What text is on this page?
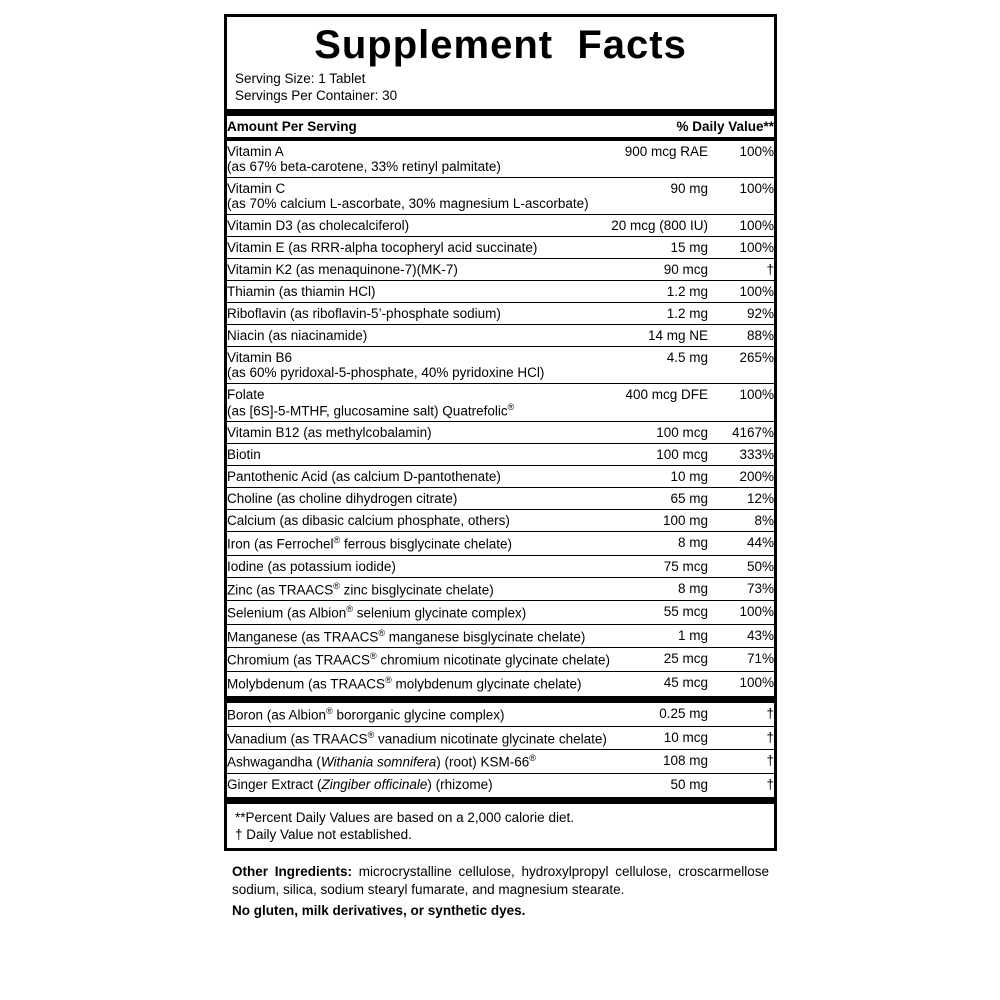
Supplement  Facts
Serving Size: 1 Tablet
Servings Per Container: 30
Amount Per Serving		% Daily Value**
Vitamin A
(as 67% beta-carotene, 33% retinyl palmitate)	900 mcg RAE	100%
Vitamin C
(as 70% calcium L-ascorbate, 30% magnesium L-ascorbate)	90 mg	100%
Vitamin D3 (as cholecalciferol)	20 mcg (800 IU)	100%
Vitamin E (as RRR-alpha tocopheryl acid succinate)	15 mg	100%
Vitamin K2 (as menaquinone-7)(MK-7)	90 mcg	†
Thiamin (as thiamin HCl)	1.2 mg	100%
Riboflavin (as riboflavin-5’-phosphate sodium)	1.2 mg	92%
Niacin (as niacinamide)	14 mg NE	88%
Vitamin B6
(as 60% pyridoxal-5-phosphate, 40% pyridoxine HCl)	4.5 mg	265%
Folate
(as [6S]-5-MTHF, glucosamine salt) Quatrefolic®	400 mcg DFE	100%
Vitamin B12 (as methylcobalamin)	100 mcg	4167%
Biotin	100 mcg	333%
Pantothenic Acid (as calcium D-pantothenate)	10 mg	200%
Choline (as choline dihydrogen citrate)	65 mg	12%
Calcium (as dibasic calcium phosphate, others)	100 mg	8%
Iron (as Ferrochel® ferrous bisglycinate chelate)	8 mg	44%
Iodine (as potassium iodide)	75 mcg	50%
Zinc (as TRAACS® zinc bisglycinate chelate)	8 mg	73%
Selenium (as Albion® selenium glycinate complex)	55 mcg	100%
Manganese (as TRAACS® manganese bisglycinate chelate)	1 mg	43%
Chromium (as TRAACS® chromium nicotinate glycinate chelate)	25 mcg	71%
Molybdenum (as TRAACS® molybdenum glycinate chelate)	45 mcg	100%
Boron (as Albion® bororganic glycine complex)	0.25 mg	†
Vanadium (as TRAACS® vanadium nicotinate glycinate chelate)	10 mcg	†
Ashwagandha (Withania somnifera) (root) KSM-66®	108 mg	†
Ginger Extract (Zingiber officinale) (rhizome)	50 mg	†
**Percent Daily Values are based on a 2,000 calorie diet.
† Daily Value not established.
Other Ingredients: microcrystalline cellulose, hydroxylpropyl cellulose, croscarmellose sodium, silica, sodium stearyl fumarate, and magnesium stearate.
No gluten, milk derivatives, or synthetic dyes.
